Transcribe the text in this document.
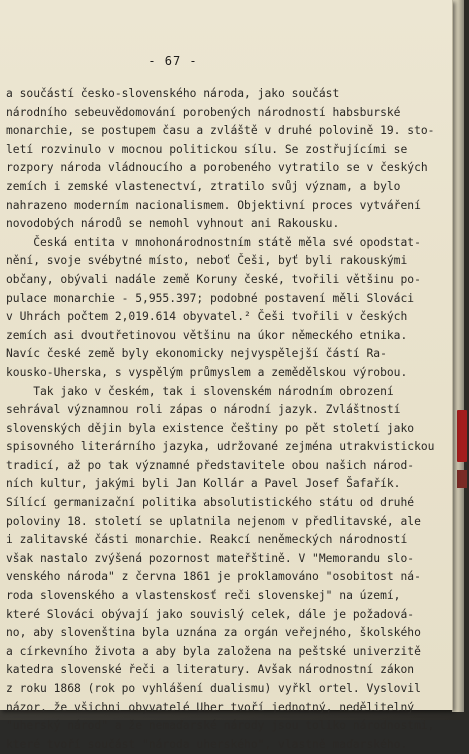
- 67 -
a součástí česko-slovenského národa, jako součást
národního sebeuvědomování porobených národností habsburské
monarchie, se postupem času a zvláště v druhé polovině 19. sto-
letí rozvinulo v mocnou politickou sílu. Se zostřujícími se
rozpory národa vládnoucího a porobeného vytratilo se v českých
zemích i zemské vlastenectví, ztratilo svůj význam, a bylo
nahrazeno moderním nacionalismem. Objektivní proces vytváření
novodobých národů se nemohl vyhnout ani Rakousku.
Česká entita v mnohonárodnostním státě měla své opodstat-
nění, svoje svébytné místo, neboť Češi, byť byli rakouskými
občany, obývali nadále země Koruny české, tvořili většinu po-
pulace monarchie - 5,955.397; podobné postavení měli Slováci
v Uhrách počtem 2,019.614 obyvatel.² Češi tvořili v českých
zemích asi dvoutřetinovou většinu na úkor německého etnika.
Navíc české země byly ekonomicky nejvyspělejší částí Ra-
kousko-Uherska, s vyspělým průmyslem a zemědělskou výrobou.
Tak jako v českém, tak i slovenském národním obrození
sehrával významnou roli zápas o národní jazyk. Zvláštností
slovenských dějin byla existence češtiny po pět století jako
spisovného literárního jazyka, udržované zejména utrakvistickou
tradicí, až po tak významné představitele obou našich národ-
ních kultur, jakými byli Jan Kollár a Pavel Josef Šafařík.
Sílící germanizační politika absolutistického státu od druhé
poloviny 18. století se uplatnila nejenom v předlitavské, ale
i zalitavské části monarchie. Reakcí neněmeckých národností
však nastalo zvýšená pozornost mateřštině. V "Memorandu slo-
venského národa" z června 1861 je proklamováno "osobitost ná-
roda slovenského a vlastenskosť reči slovenskej" na území,
které Slováci obývají jako souvislý celek, dále je požadová-
no, aby slovenština byla uznána za orgán veřejného, školského
a církevního života a aby byla založena na peštské univerzitě
katedra slovenské řeči a literatury. Avšak národnostní zákon
z roku 1868 (rok po vyhlášení dualismu) vyřkl ortel. Vyslovil
názor, že všichni obyvatelé Uher tvoří jednotný, nedělitelný
"uherský národ" a že nemaďarské národy jsou toliko národnostmi,
které tvoří součást "národa uherského", vlastně maďarského.
